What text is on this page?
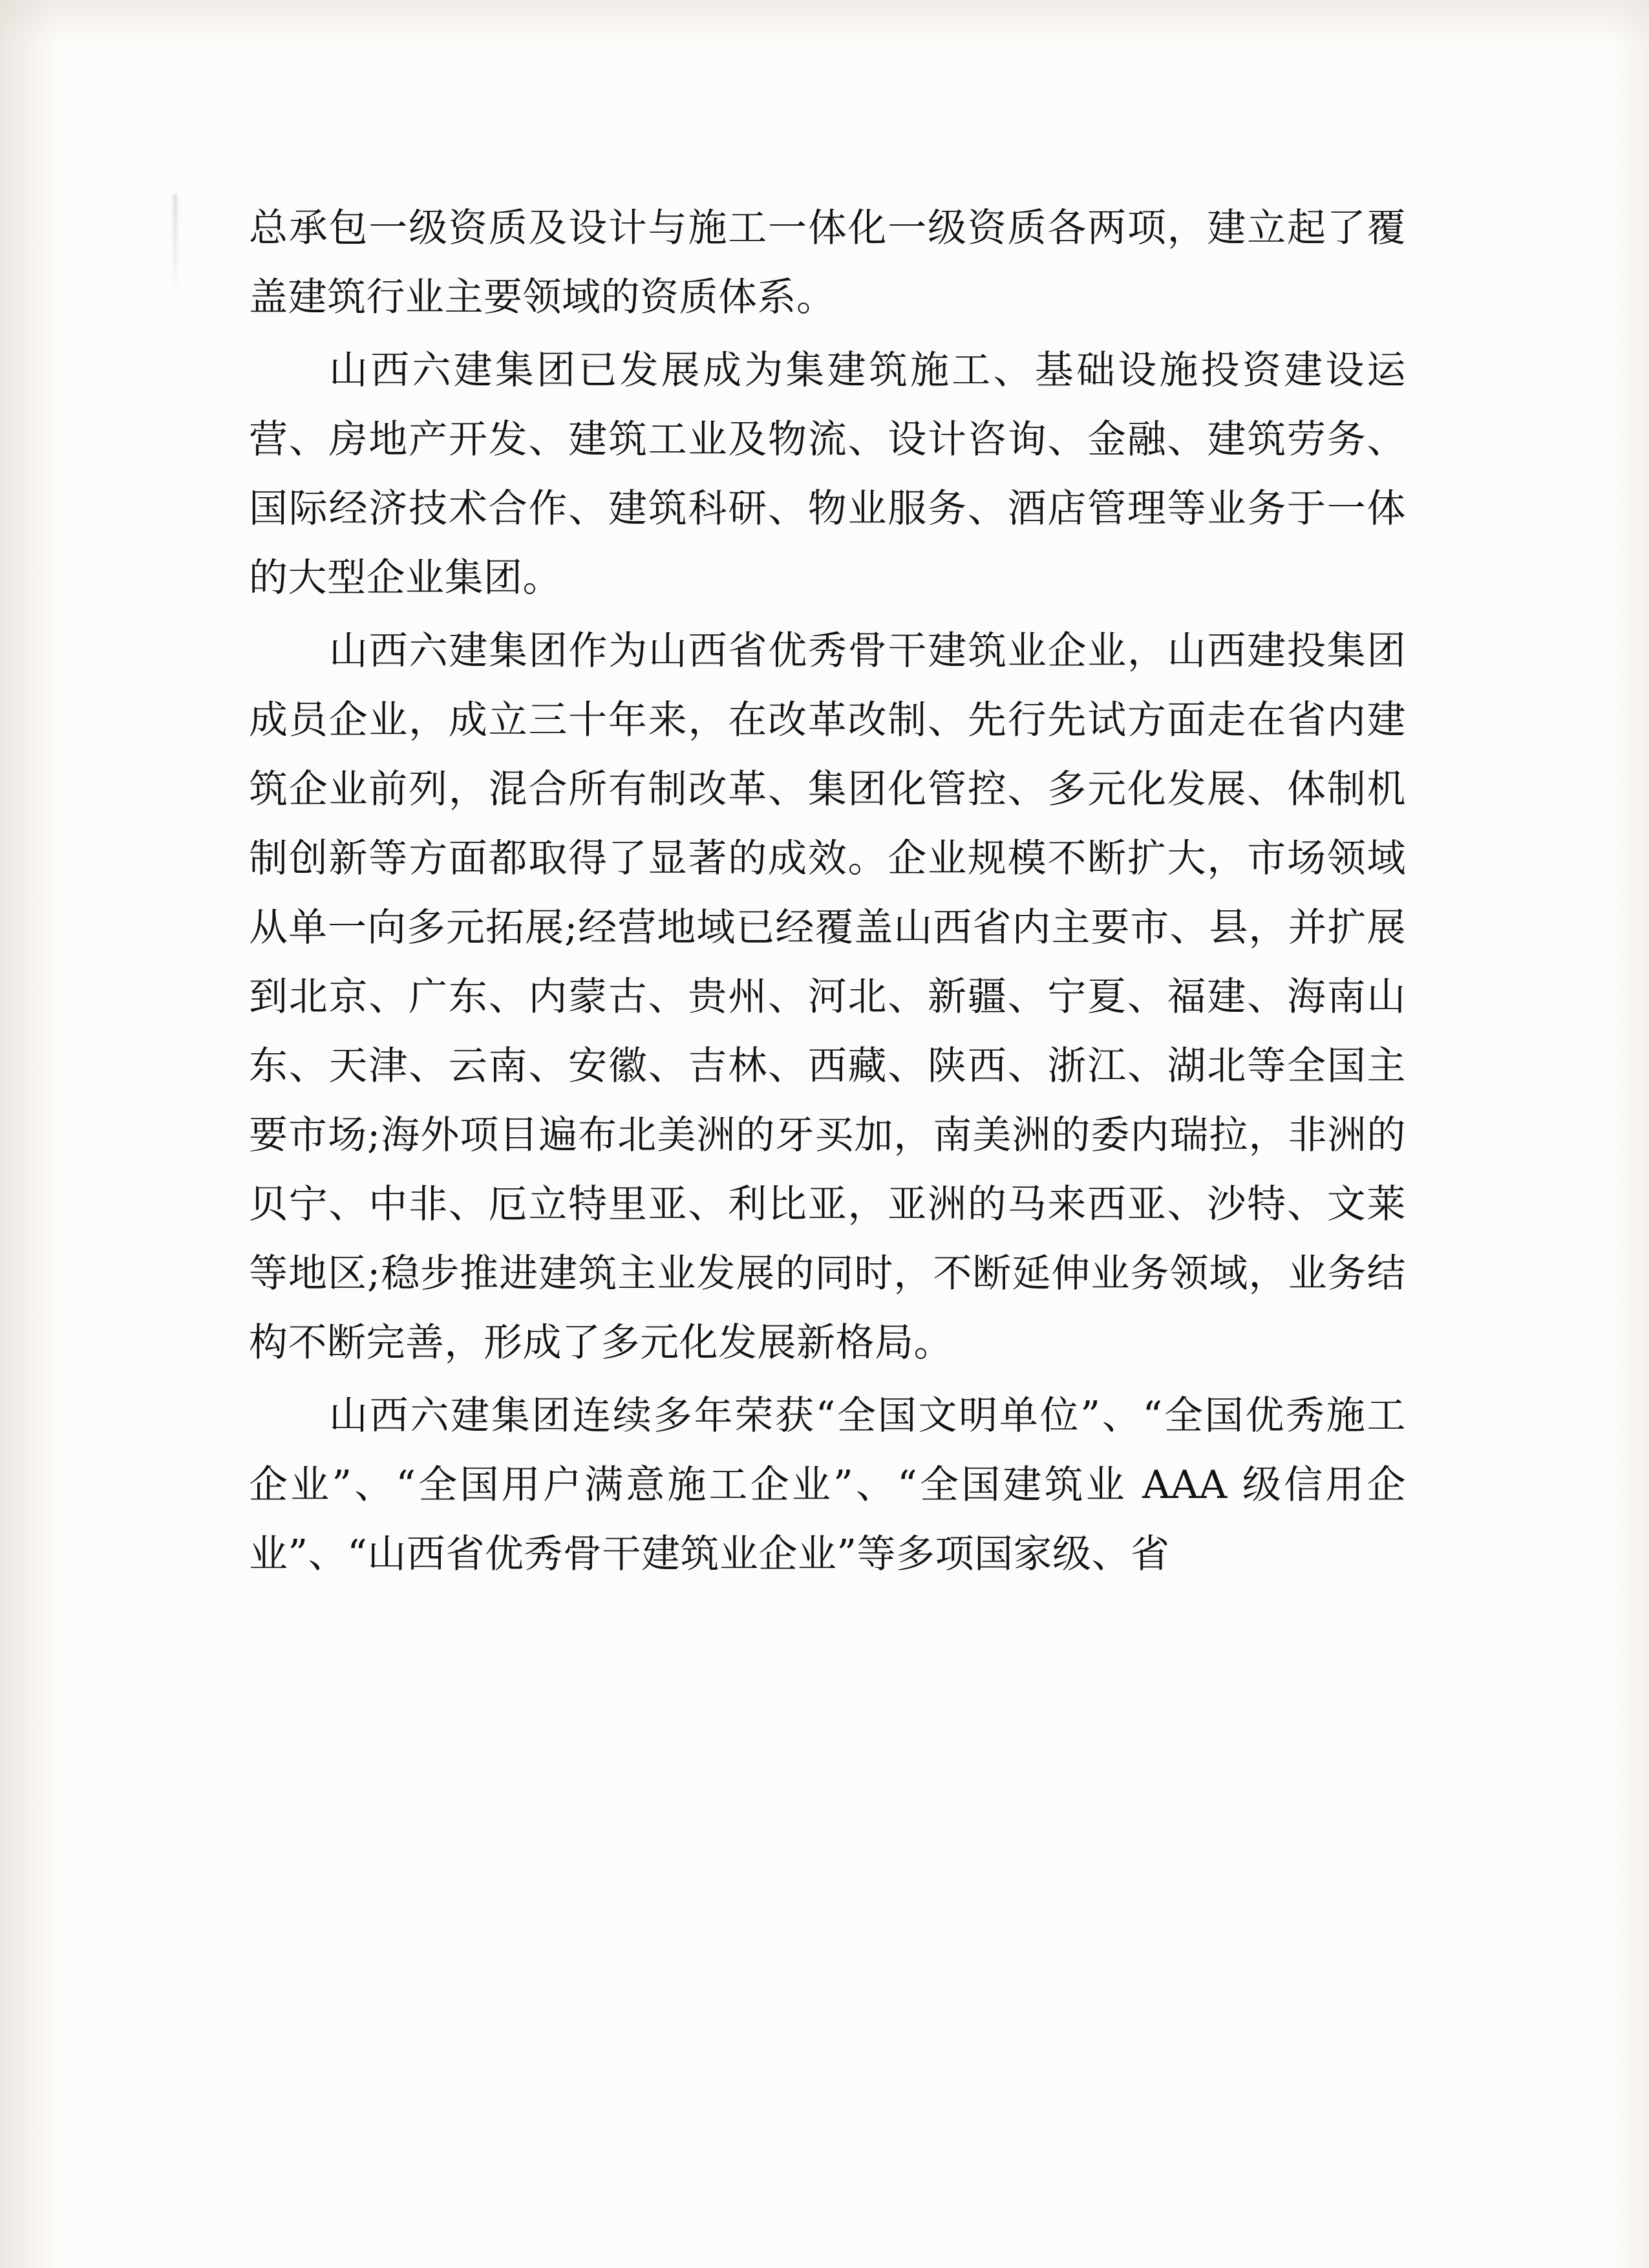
总承包一级资质及设计与施工一体化一级资质各两项，建立起了覆盖建筑行业主要领域的资质体系。

山西六建集团已发展成为集建筑施工、基础设施投资建设运营、房地产开发、建筑工业及物流、设计咨询、金融、建筑劳务、国际经济技术合作、建筑科研、物业服务、酒店管理等业务于一体的大型企业集团。

山西六建集团作为山西省优秀骨干建筑业企业，山西建投集团成员企业，成立三十年来，在改革改制、先行先试方面走在省内建筑企业前列，混合所有制改革、集团化管控、多元化发展、体制机制创新等方面都取得了显著的成效。企业规模不断扩大，市场领域从单一向多元拓展;经营地域已经覆盖山西省内主要市、县，并扩展到北京、广东、内蒙古、贵州、河北、新疆、宁夏、福建、海南山东、天津、云南、安徽、吉林、西藏、陕西、浙江、湖北等全国主要市场;海外项目遍布北美洲的牙买加，南美洲的委内瑞拉，非洲的贝宁、中非、厄立特里亚、利比亚，亚洲的马来西亚、沙特、文莱等地区;稳步推进建筑主业发展的同时，不断延伸业务领域，业务结构不断完善，形成了多元化发展新格局。

山西六建集团连续多年荣获“全国文明单位”、“全国优秀施工企业”、“全国用户满意施工企业”、“全国建筑业 AAA 级信用企业”、“山西省优秀骨干建筑业企业”等多项国家级、省
